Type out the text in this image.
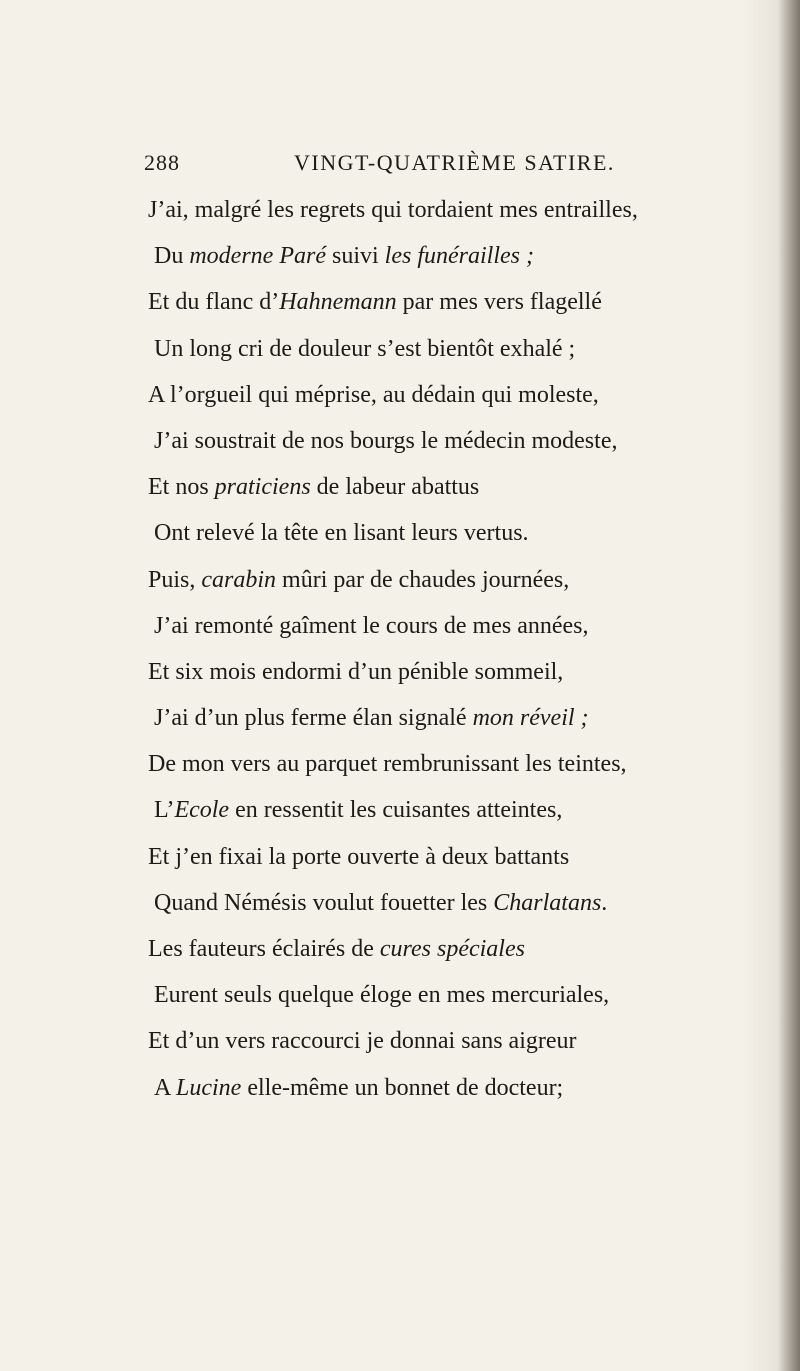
288	VINGT-QUATRIÈME SATIRE.
J’ai, malgré les regrets qui tordaient mes entrailles,
Du moderne Paré suivi les funérailles ;
Et du flanc d’Hahnemann par mes vers flagellé
Un long cri de douleur s’est bientôt exhalé ;
A l’orgueil qui méprise, au dédain qui moleste,
J’ai soustrait de nos bourgs le médecin modeste,
Et nos praticiens de labeur abattus
Ont relevé la tête en lisant leurs vertus.
Puis, carabin mûri par de chaudes journées,
J’ai remonté gaîment le cours de mes années,
Et six mois endormi d’un pénible sommeil,
J’ai d’un plus ferme élan signalé mon réveil ;
De mon vers au parquet rembrunissant les teintes,
L’Ecole en ressentit les cuisantes atteintes,
Et j’en fixai la porte ouverte à deux battants
Quand Némésis voulut fouetter les Charlatans.
Les fauteurs éclairés de cures spéciales
Eurent seuls quelque éloge en mes mercuriales,
Et d’un vers raccourci je donnai sans aigreur
A Lucine elle-même un bonnet de docteur;
